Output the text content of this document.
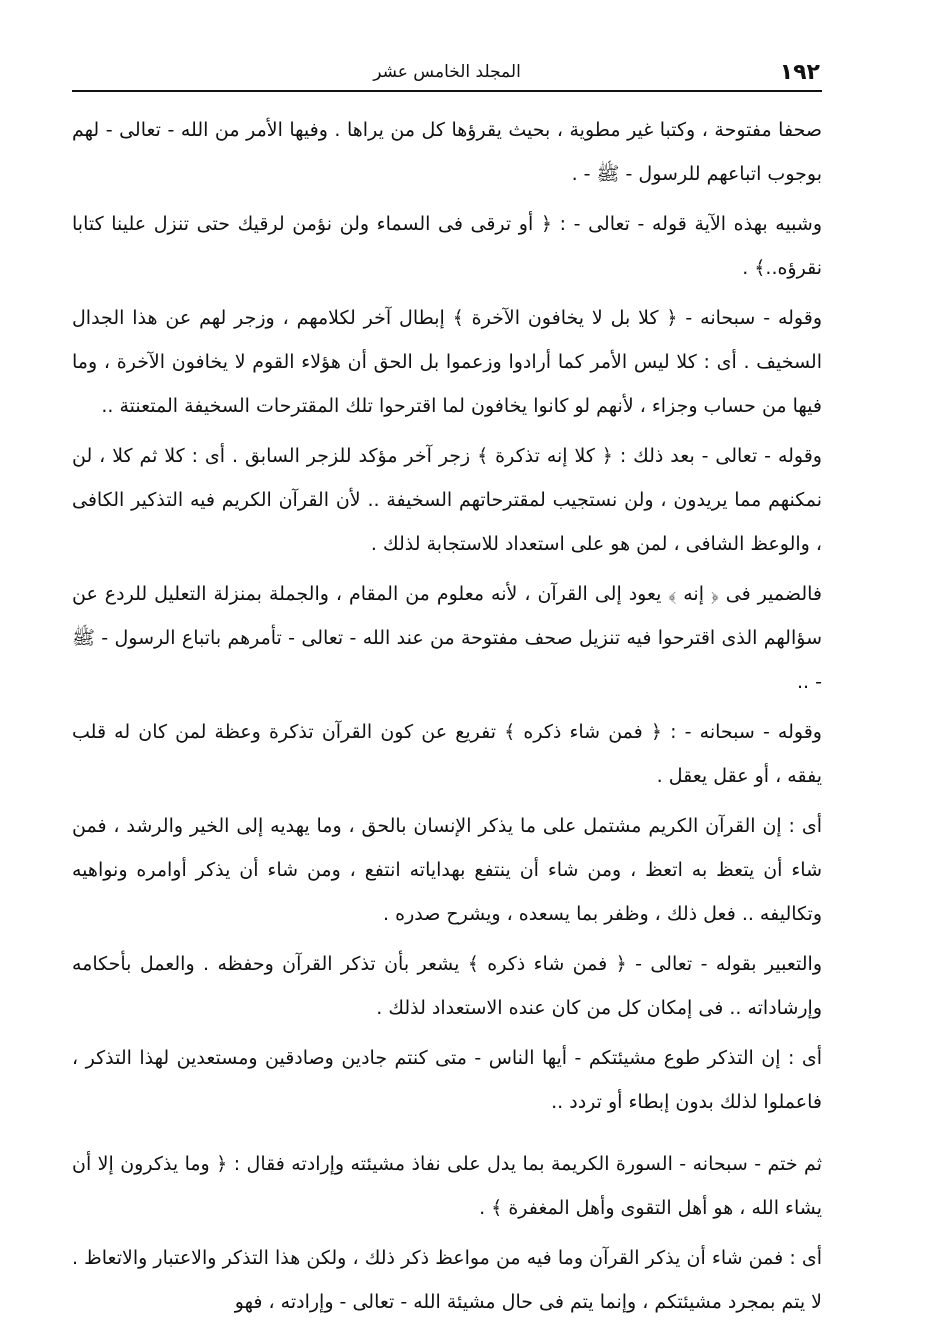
١٩٢
المجلد الخامس عشر

صحفا مفتوحة ، وكتبا غير مطوية ، بحيث يقرؤها كل من يراها . وفيها الأمر من الله - تعالى - لهم بوجوب اتباعهم للرسول - ﷺ - .

وشبيه بهذه الآية قوله - تعالى - : ﴿ أو ترقى فى السماء ولن نؤمن لرقيك حتى تنزل علينا كتابا نقرؤه..﴾ .

وقوله - سبحانه - ﴿ كلا بل لا يخافون الآخرة ﴾ إبطال آخر لكلامهم ، وزجر لهم عن هذا الجدال السخيف . أى : كلا ليس الأمر كما أرادوا وزعموا بل الحق أن هؤلاء القوم لا يخافون الآخرة ، وما فيها من حساب وجزاء ، لأنهم لو كانوا يخافون لما اقترحوا تلك المقترحات السخيفة المتعنتة ..

وقوله - تعالى - بعد ذلك : ﴿ كلا إنه تذكرة ﴾ زجر آخر مؤكد للزجر السابق . أى : كلا ثم كلا ، لن نمكنهم مما يريدون ، ولن نستجيب لمقترحاتهم السخيفة .. لأن القرآن الكريم فيه التذكير الكافى ، والوعظ الشافى ، لمن هو على استعداد للاستجابة لذلك .

فالضمير فى ﴿ إنه ﴾ يعود إلى القرآن ، لأنه معلوم من المقام ، والجملة بمنزلة التعليل للردع عن سؤالهم الذى اقترحوا فيه تنزيل صحف مفتوحة من عند الله - تعالى - تأمرهم باتباع الرسول - ﷺ - ..

وقوله - سبحانه - : ﴿ فمن شاء ذكره ﴾ تفريع عن كون القرآن تذكرة وعظة لمن كان له قلب يفقه ، أو عقل يعقل .

أى : إن القرآن الكريم مشتمل على ما يذكر الإنسان بالحق ، وما يهديه إلى الخير والرشد ، فمن شاء أن يتعظ به اتعظ ، ومن شاء أن ينتفع بهداياته انتفع ، ومن شاء أن يذكر أوامره ونواهيه وتكاليفه .. فعل ذلك ، وظفر بما يسعده ، ويشرح صدره .

والتعبير بقوله - تعالى - ﴿ فمن شاء ذكره ﴾ يشعر بأن تذكر القرآن وحفظه . والعمل بأحكامه وإرشاداته .. فى إمكان كل من كان عنده الاستعداد لذلك .

أى : إن التذكر طوع مشيئتكم - أيها الناس - متى كنتم جادين وصادقين ومستعدين لهذا التذكر ، فاعملوا لذلك بدون إبطاء أو تردد ..

ثم ختم - سبحانه - السورة الكريمة بما يدل على نفاذ مشيئته وإرادته فقال : ﴿ وما يذكرون إلا أن يشاء الله ، هو أهل التقوى وأهل المغفرة ﴾ .

أى : فمن شاء أن يذكر القرآن وما فيه من مواعظ ذكر ذلك ، ولكن هذا التذكر والاعتبار والاتعاظ . لا يتم بمجرد مشيئتكم ، وإنما يتم فى حال مشيئة الله - تعالى - وإرادته ، فهو
